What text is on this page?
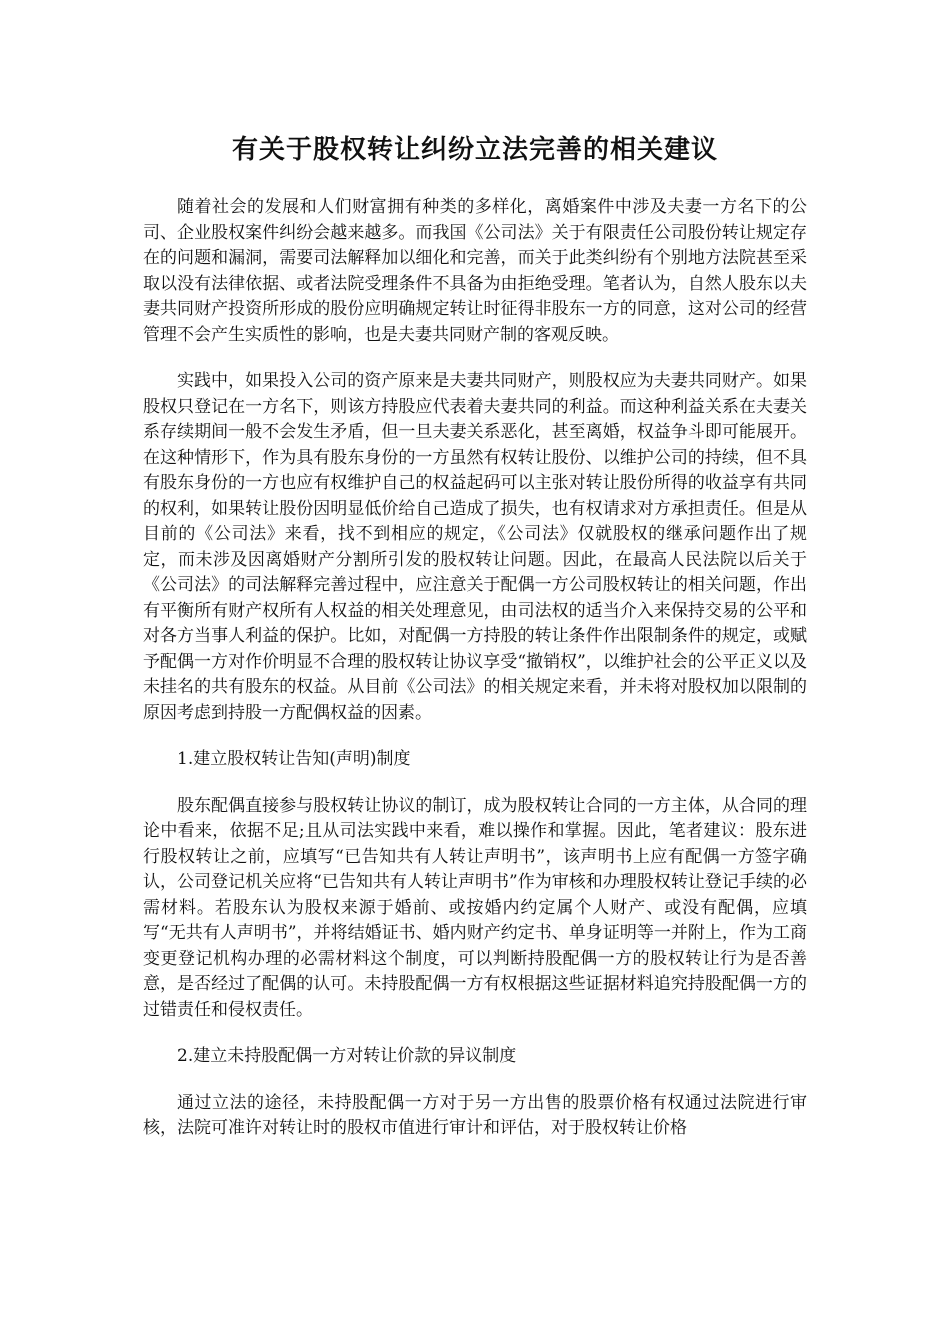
有关于股权转让纠纷立法完善的相关建议

随着社会的发展和人们财富拥有种类的多样化，离婚案件中涉及夫妻一方名下的公司、企业股权案件纠纷会越来越多。而我国《公司法》关于有限责任公司股份转让规定存在的问题和漏洞，需要司法解释加以细化和完善，而关于此类纠纷有个别地方法院甚至采取以没有法律依据、或者法院受理条件不具备为由拒绝受理。笔者认为，自然人股东以夫妻共同财产投资所形成的股份应明确规定转让时征得非股东一方的同意，这对公司的经营管理不会产生实质性的影响，也是夫妻共同财产制的客观反映。

实践中，如果投入公司的资产原来是夫妻共同财产，则股权应为夫妻共同财产。如果股权只登记在一方名下，则该方持股应代表着夫妻共同的利益。而这种利益关系在夫妻关系存续期间一般不会发生矛盾，但一旦夫妻关系恶化，甚至离婚，权益争斗即可能展开。在这种情形下，作为具有股东身份的一方虽然有权转让股份、以维护公司的持续，但不具有股东身份的一方也应有权维护自己的权益起码可以主张对转让股份所得的收益享有共同的权利，如果转让股份因明显低价给自己造成了损失，也有权请求对方承担责任。但是从目前的《公司法》来看，找不到相应的规定，《公司法》仅就股权的继承问题作出了规定，而未涉及因离婚财产分割所引发的股权转让问题。因此，在最高人民法院以后关于《公司法》的司法解释完善过程中，应注意关于配偶一方公司股权转让的相关问题，作出有平衡所有财产权所有人权益的相关处理意见，由司法权的适当介入来保持交易的公平和对各方当事人利益的保护。比如，对配偶一方持股的转让条件作出限制条件的规定，或赋予配偶一方对作价明显不合理的股权转让协议享受“撤销权”，以维护社会的公平正义以及未挂名的共有股东的权益。从目前《公司法》的相关规定来看，并未将对股权加以限制的 原因考虑到持股一方配偶权益的因素。

1.建立股权转让告知(声明)制度

股东配偶直接参与股权转让协议的制订，成为股权转让合同的一方主体，从合同的理论中看来，依据不足;且从司法实践中来看，难以操作和掌握。因此，笔者建议：股东进行股权转让之前，应填写“已告知共有人转让声明书”，该声明书上应有配偶一方签字确认，公司登记机关应将“已告知共有人转让声明书”作为审核和办理股权转让登记手续的必需材料。若股东认为股权来源于婚前、或按婚内约定属个人财产、或没有配偶，应填写“无共有人声明书”，并将结婚证书、婚内财产约定书、单身证明等一并附上，作为工商变更登记机构办理的必需材料这个制度，可以判断持股配偶一方的股权转让行为是否善意，是否经过了配偶的认可。未持股配偶一方有权根据这些证据材料追究持股配偶一方的过错责任和侵权责任。

2.建立未持股配偶一方对转让价款的异议制度

通过立法的途径，未持股配偶一方对于另一方出售的股票价格有权通过法院进行审核，法院可准许对转让时的股权市值进行审计和评估，对于股权转让价格
